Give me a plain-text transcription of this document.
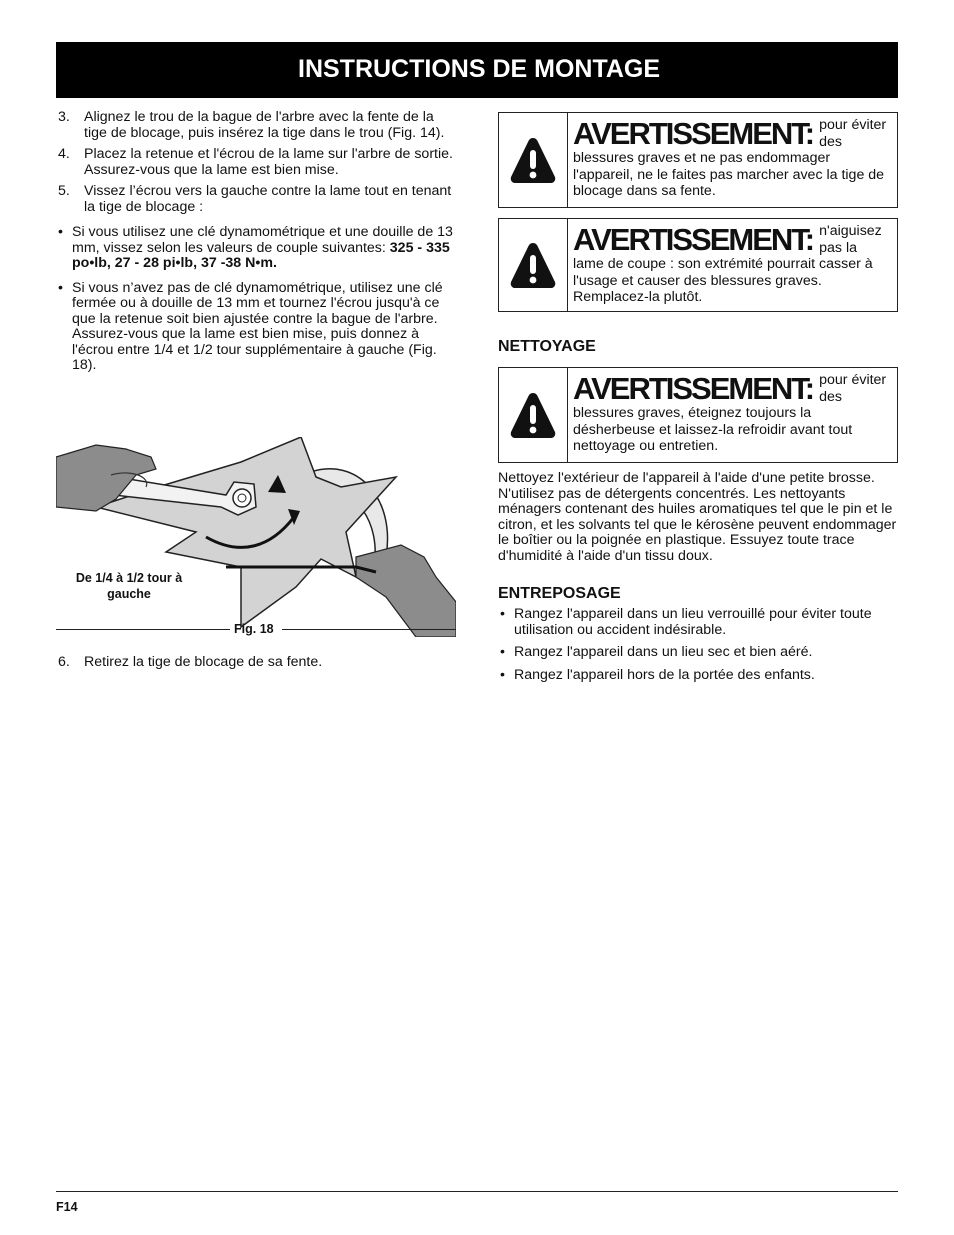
INSTRUCTIONS DE MONTAGE
3. Alignez le trou de la bague de l'arbre avec la fente de la tige de blocage, puis insérez la tige dans le trou (Fig. 14).
4. Placez la retenue et l'écrou de la lame sur l'arbre de sortie. Assurez-vous que la lame est bien mise.
5. Vissez l’écrou vers la gauche contre la lame tout en tenant la tige de blocage :
• Si vous utilisez une clé dynamométrique et une douille de 13 mm, vissez selon les valeurs de couple suivantes: 325 - 335 po•lb, 27 - 28 pi•lb, 37 -38 N•m.
• Si vous n’avez pas de clé dynamométrique, utilisez une clé fermée ou à douille de 13 mm et tournez l'écrou jusqu'à ce que la retenue soit bien ajustée contre la bague de l'arbre. Assurez-vous que la lame est bien mise, puis donnez à l'écrou entre 1/4 et 1/2 tour supplémentaire à gauche (Fig. 18).
De 1/4 à 1/2 tour à gauche
Fig. 18
6. Retirez la tige de blocage de sa fente.
AVERTISSEMENT: pour éviter des
blessures graves et ne pas endommager l'appareil, ne le faites pas marcher avec la tige de blocage dans sa fente.
AVERTISSEMENT: n'aiguisez pas la
lame de coupe : son extrémité pourrait casser à l'usage et causer des blessures graves. Remplacez-la plutôt.
NETTOYAGE
AVERTISSEMENT: pour éviter des
blessures graves, éteignez toujours la désherbeuse et laissez-la refroidir avant tout nettoyage ou entretien.

Nettoyez l'extérieur de l'appareil à l'aide d'une petite brosse. N'utilisez pas de détergents concentrés. Les nettoyants ménagers contenant des huiles aromatiques tel que le pin et le citron, et les solvants tel que le kérosène peuvent endommager le boîtier ou la poignée en plastique. Essuyez toute trace d'humidité à l'aide d'un tissu doux.

ENTREPOSAGE
• Rangez l'appareil dans un lieu verrouillé pour éviter toute utilisation ou accident indésirable.
• Rangez l'appareil dans un lieu sec et bien aéré.
• Rangez l'appareil hors de la portée des enfants.
F14
